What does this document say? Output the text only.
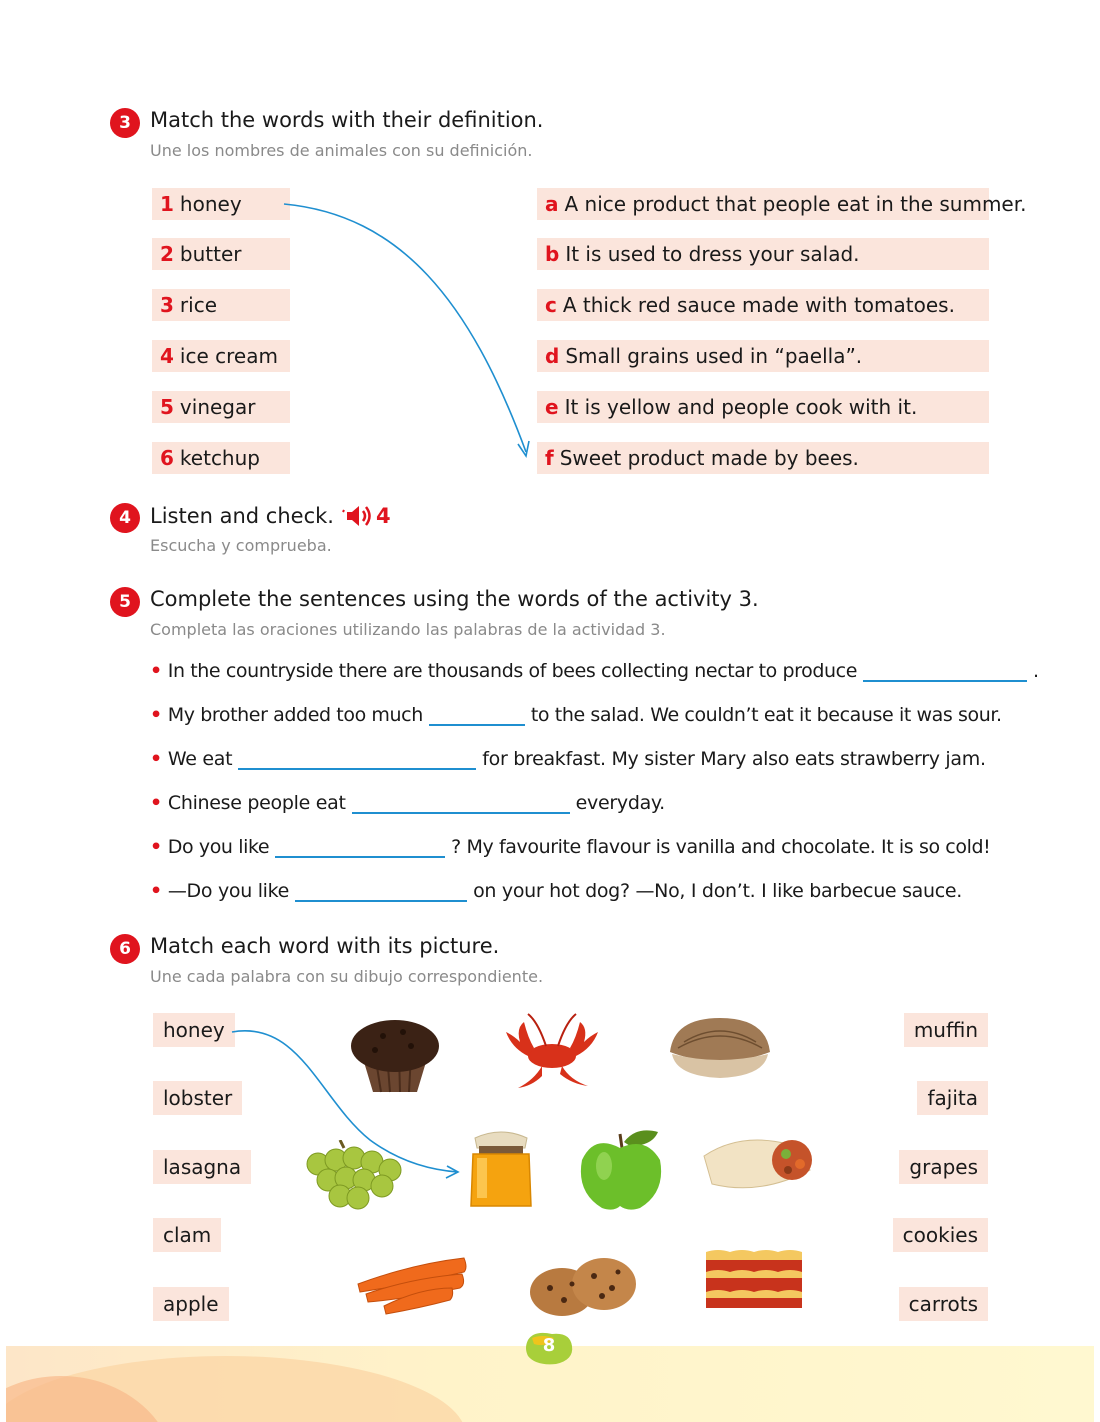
3 Match the words with their definition.
Une los nombres de animales con su definición.
1 honey
2 butter
3 rice
4 ice cream
5 vinegar
6 ketchup
a A nice product that people eat in the summer.
b It is used to dress your salad.
c A thick red sauce made with tomatoes.
d Small grains used in “paella”.
e It is yellow and people cook with it.
f Sweet product made by bees.
4 Listen and check. 4
Escucha y comprueba.
5 Complete the sentences using the words of the activity 3.
Completa las oraciones utilizando las palabras de la actividad 3.
• In the countryside there are thousands of bees collecting nectar to produce	.
• My brother added too much	to the salad. We couldn’t eat it because it was sour.
• We eat	for breakfast. My sister Mary also eats strawberry jam.
• Chinese people eat	everyday.
• Do you like	? My favourite flavour is vanilla and chocolate. It is so cold!
• —Do you like	on your hot dog? —No, I don’t. I like barbecue sauce.
6 Match each word with its picture.
Une cada palabra con su dibujo correspondiente.
honey
lobster
lasagna
clam
apple
muffin
fajita
grapes
cookies
carrots
8
